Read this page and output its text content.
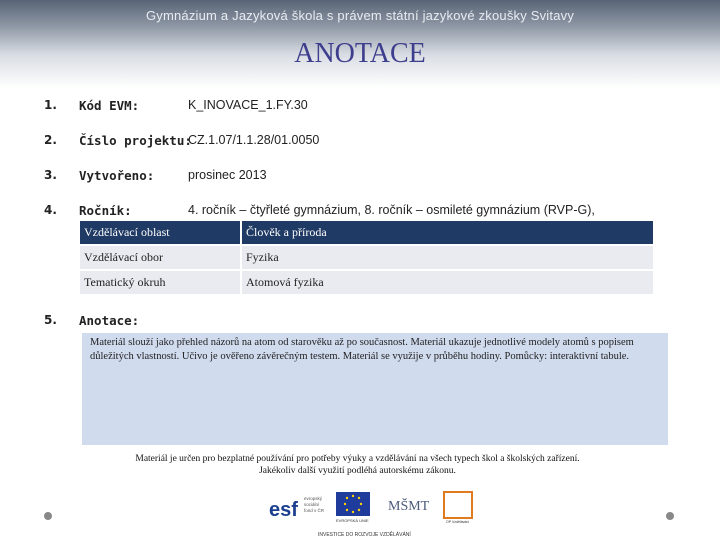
Gymnázium a Jazyková škola s právem státní jazykové zkoušky Svitavy
ANOTACE
1. Kód EVM:	K_INOVACE_1.FY.30
2. Číslo projektu:
CZ.1.07/1.1.28/01.0050
3. Vytvořeno:	prosinec 2013
4. Ročník:	4. ročník – čtyřleté gymnázium, 8. ročník – osmileté gymnázium (RVP-G),
Vzdělávací oblast	Člověk a příroda
Vzdělávací obor	Fyzika
Tematický okruh	Atomová fyzika
5. Anotace:
Materiál slouží jako přehled názorů na atom od starověku až po současnost. Materiál ukazuje jednotlivé modely atomů s popisem důležitých vlastností. Učivo je ověřeno závěrečným testem. Materiál se využije v průběhu hodiny. Pomůcky: interaktivní tabule.
Materiál je určen pro bezplatné používání pro potřeby výuky a vzdělávání na všech typech škol a školských zařízení.
Jakékoliv další využití podléhá autorskému zákonu.
esf
evropský
sociální
fond v ČR
EVROPSKÁ UNIE
MŠMT
OP Vzdělávání
INVESTICE DO ROZVOJE VZDĚLÁVÁNÍ
